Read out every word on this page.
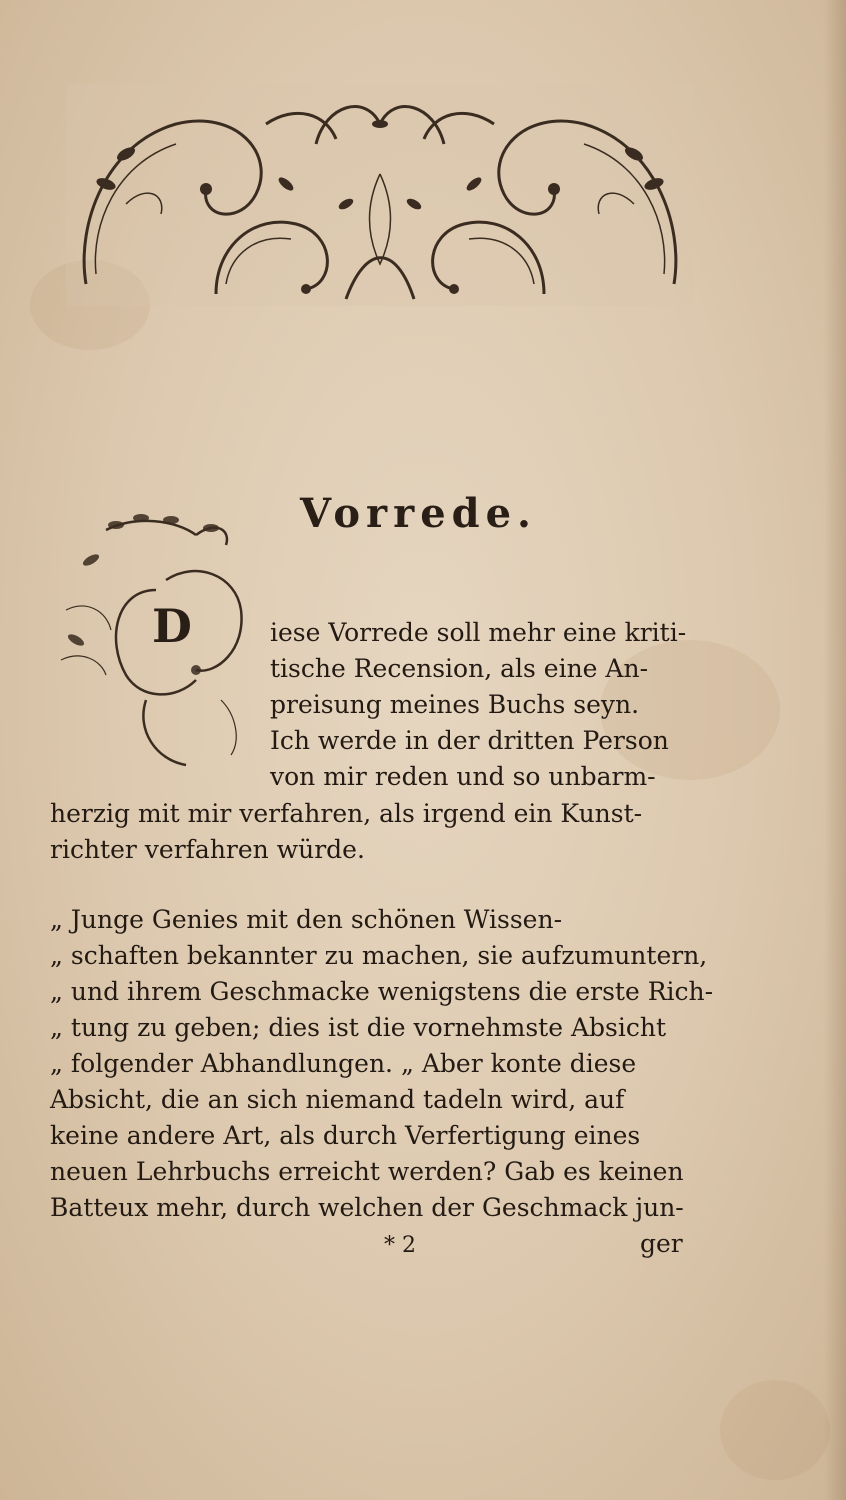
Vorrede.
D	iese Vorrede soll mehr eine kriti-
tische Recension, als eine An-
preisung meines Buchs seyn.
Ich werde in der dritten Person
von mir reden und so unbarm-
herzig mit mir verfahren, als irgend ein Kunst-
richter verfahren würde.
„ Junge Genies mit den schönen Wissen-
„ schaften bekannter zu machen, sie aufzumuntern,
„ und ihrem Geschmacke wenigstens die erste Rich-
„ tung zu geben; dies ist die vornehmste Absicht
„ folgender Abhandlungen. „ Aber konte diese
Absicht, die an sich niemand tadeln wird, auf
keine andere Art, als durch Verfertigung eines
neuen Lehrbuchs erreicht werden? Gab es keinen
Batteux mehr, durch welchen der Geschmack jun-
* 2	ger
